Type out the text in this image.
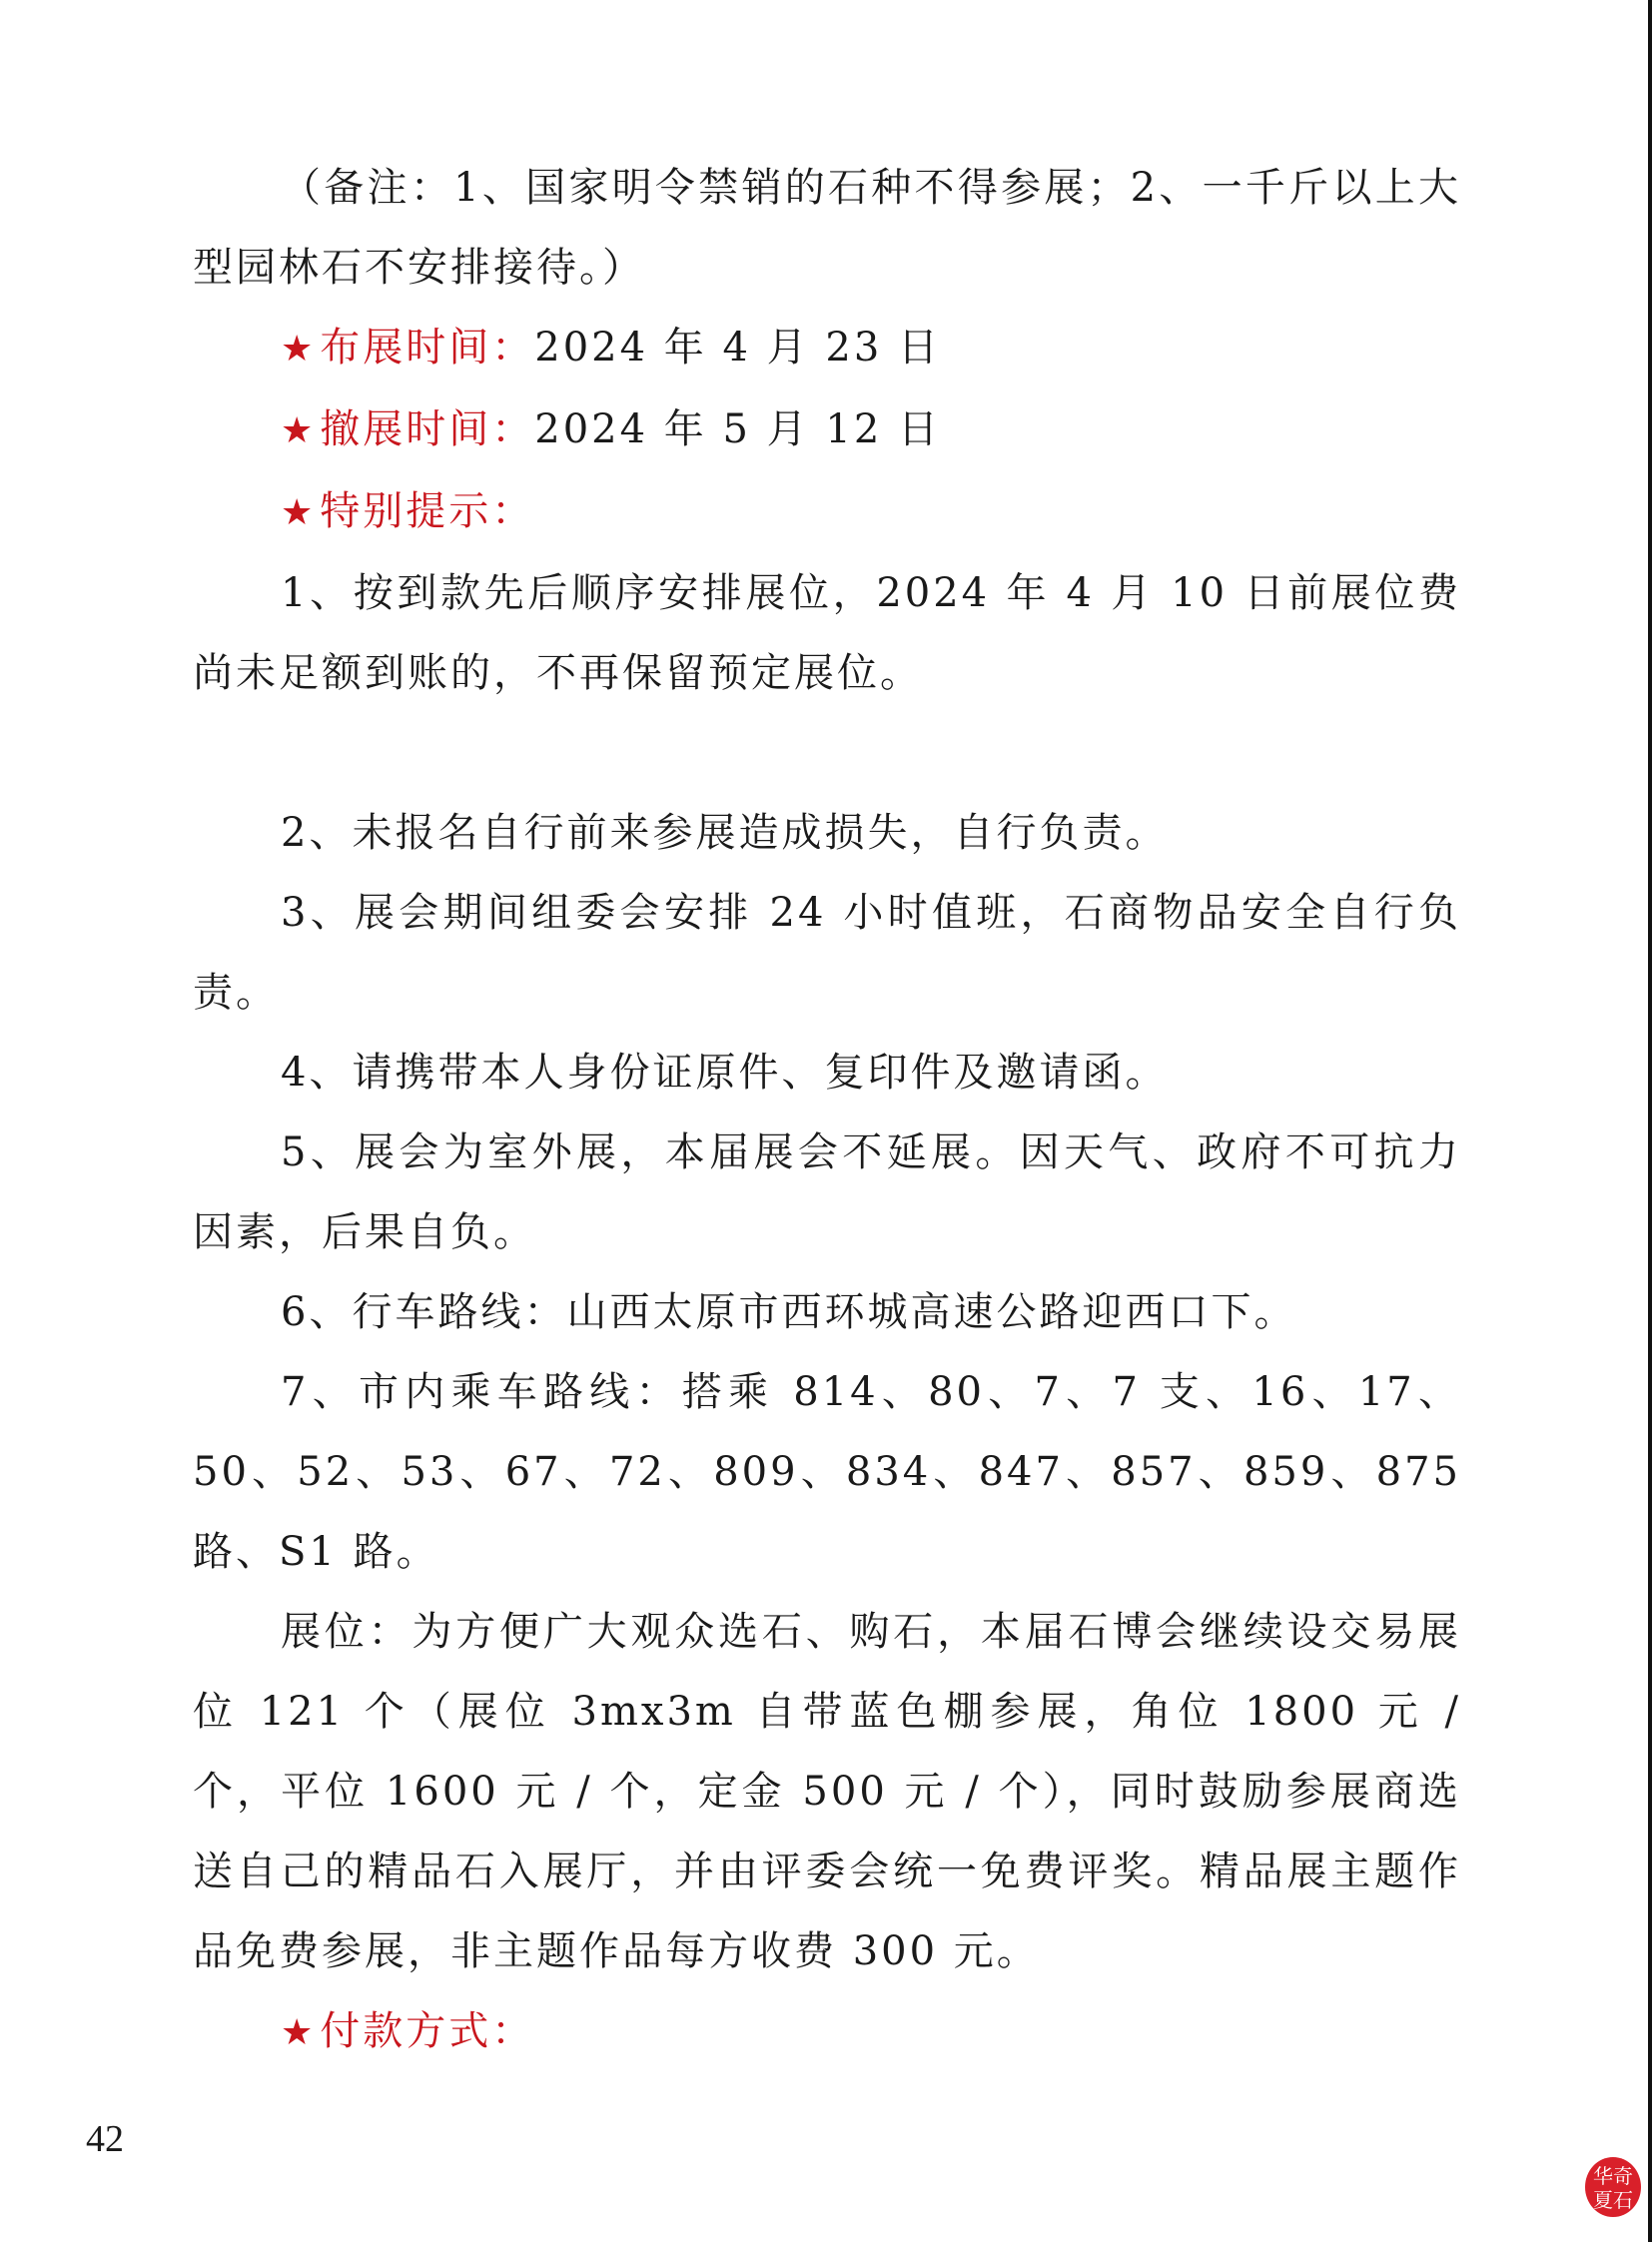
（备注：1、国家明令禁销的石种不得参展；2、一千斤以上大型园林石不安排接待。）

★ 布展时间：2024 年 4 月 23 日

★ 撤展时间：2024 年 5 月 12 日

★ 特别提示：

1、按到款先后顺序安排展位，2024 年 4 月 10 日前展位费尚未足额到账的，不再保留预定展位。

2、未报名自行前来参展造成损失，自行负责。

3、展会期间组委会安排 24 小时值班，石商物品安全自行负责。

4、请携带本人身份证原件、复印件及邀请函。

5、展会为室外展，本届展会不延展。因天气、政府不可抗力因素，后果自负。

6、行车路线：山西太原市西环城高速公路迎西口下。

7、市内乘车路线：搭乘 814、80、7、7 支、16、17、50、52、53、67、72、809、834、847、857、859、875 路、S1 路。

展位：为方便广大观众选石、购石，本届石博会继续设交易展位 121 个（展位 3mx3m 自带蓝色棚参展，角位 1800 元 / 个，平位 1600 元 / 个，定金 500 元 / 个），同时鼓励参展商选送自己的精品石入展厅，并由评委会统一免费评奖。精品展主题作品免费参展，非主题作品每方收费 300 元。

★ 付款方式：

42
华奇
夏石
